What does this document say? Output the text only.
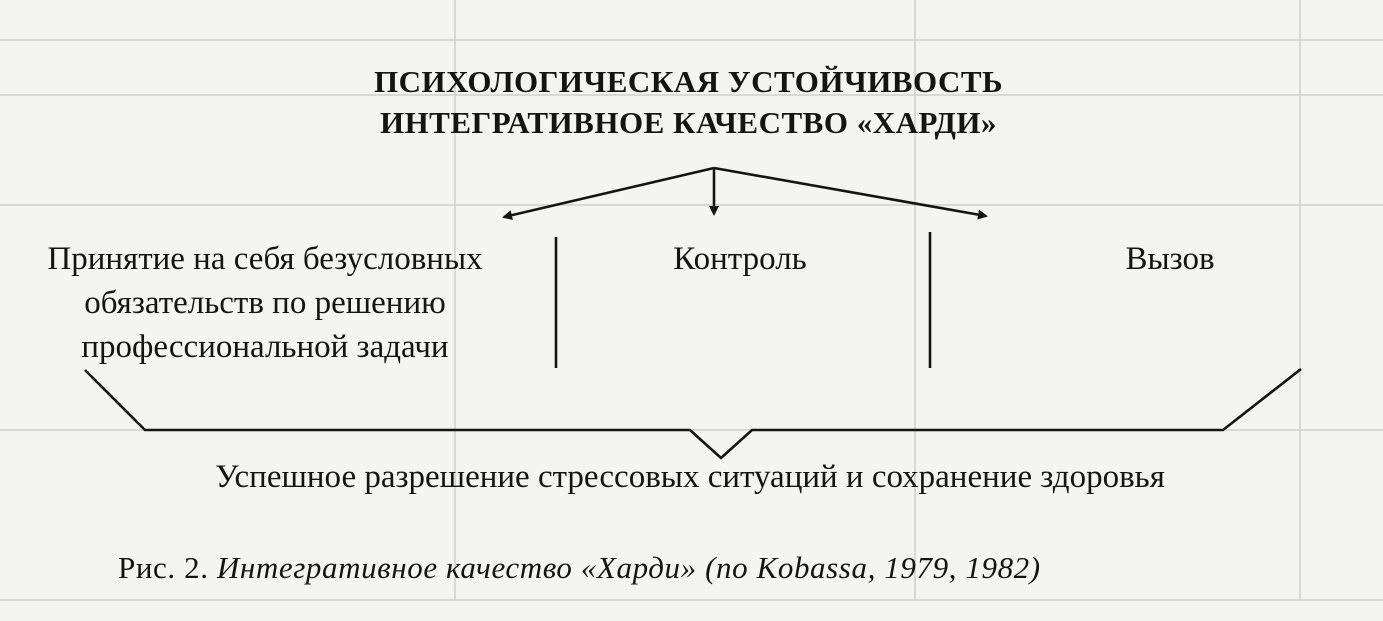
ПСИХОЛОГИЧЕСКАЯ УСТОЙЧИВОСТЬ

ИНТЕГРАТИВНОЕ КАЧЕСТВО «ХАРДИ»

Принятие на себя безусловных
обязательств по решению
профессиональной задачи
Контроль	Вызов

Успешное разрешение стрессовых ситуаций и сохранение здоровья

Рис. 2. Интегративное качество «Харди» (по Kobassa, 1979, 1982)
